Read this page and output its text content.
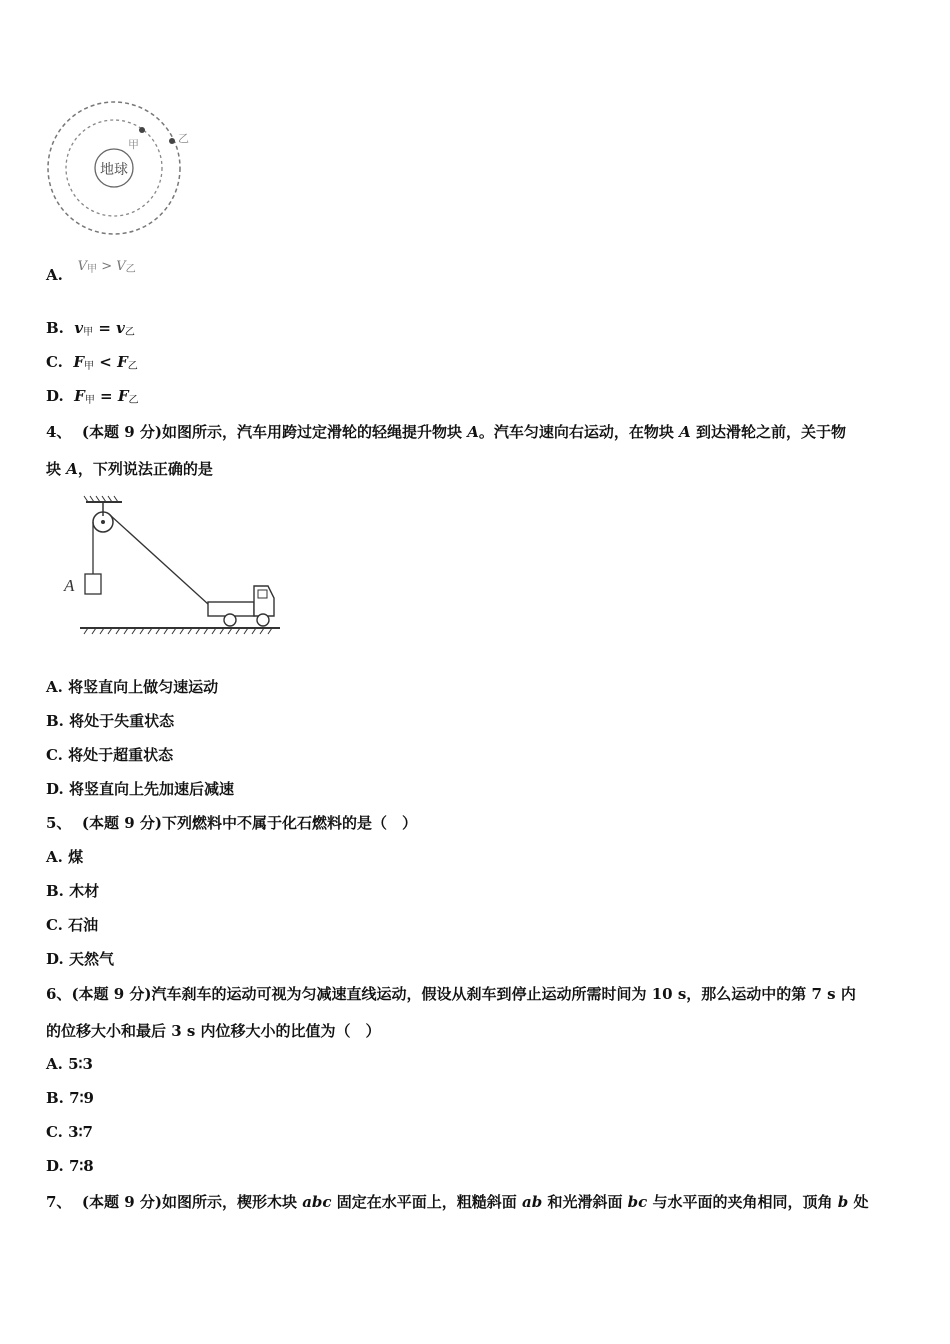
地球
甲	乙
A. $V_甲 > V_乙$
B. $v_甲 = v_乙$
C. $F_甲 < F_乙$
D. $F_甲 = F_乙$
4、 (本题 9 分)如图所示，汽车用跨过定滑轮的轻绳提升物块 A。汽车匀速向右运动，在物块 A 到达滑轮之前，关于物
块 A，下列说法正确的是
A
A. 将竖直向上做匀速运动
B. 将处于失重状态
C. 将处于超重状态
D. 将竖直向上先加速后减速
5、 (本题 9 分)下列燃料中不属于化石燃料的是（　）
A. 煤
B. 木材
C. 石油
D. 天然气
6、(本题 9 分)汽车刹车的运动可视为匀减速直线运动，假设从刹车到停止运动所需时间为 10 s，那么运动中的第 7 s 内
的位移大小和最后 3 s 内位移大小的比值为（　）
A. 5∶3
B. 7∶9
C. 3∶7
D. 7∶8
7、 (本题 9 分)如图所示，楔形木块 abc 固定在水平面上，粗糙斜面 ab 和光滑斜面 bc 与水平面的夹角相同，顶角 b 处
